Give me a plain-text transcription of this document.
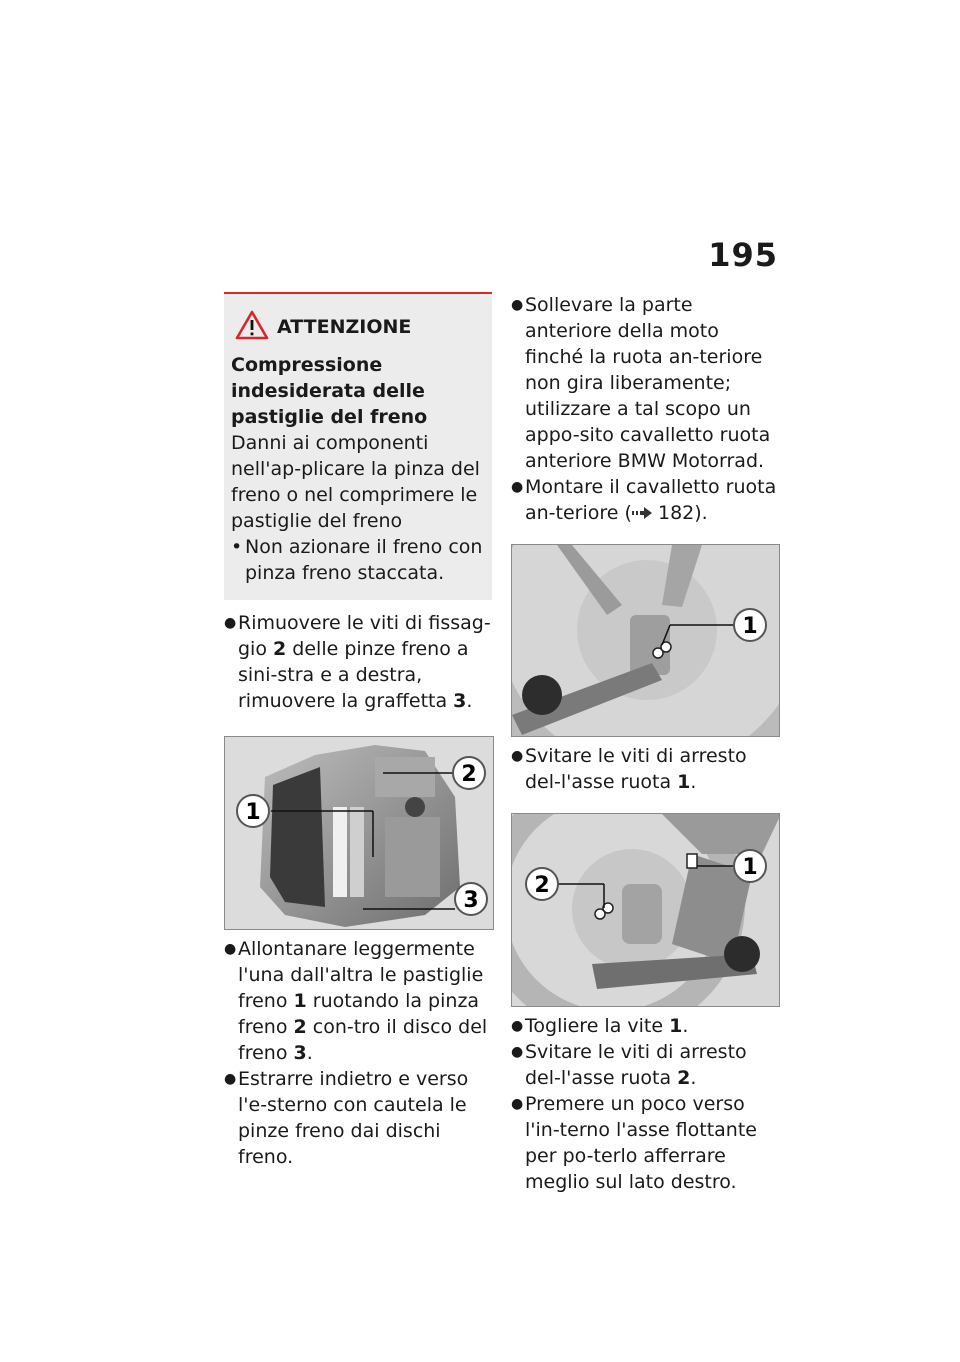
195
ATTENZIONE
Compressione indesiderata delle pastiglie del freno
Danni ai componenti nell'ap-plicare la pinza del freno o nel comprimere le pastiglie del freno
• Non azionare il freno con pinza freno staccata.
● Rimuovere le viti di fissag-gio 2 delle pinze freno a sini-stra e a destra, rimuovere la graffetta 3.
2
1
3
● Allontanare leggermente l'una dall'altra le pastiglie freno 1 ruotando la pinza freno 2 con-tro il disco del freno 3.
● Estrarre indietro e verso l'e-sterno con cautela le pinze freno dai dischi freno.
● Sollevare la parte anteriore della moto finché la ruota an-teriore non gira liberamente; utilizzare a tal scopo un appo-sito cavalletto ruota anteriore BMW Motorrad.
● Montare il cavalletto ruota an-teriore ( 182).
1
● Svitare le viti di arresto del-l'asse ruota 1.
2
1
● Togliere la vite 1.
● Svitare le viti di arresto del-l'asse ruota 2.
● Premere un poco verso l'in-terno l'asse flottante per po-terlo afferrare meglio sul lato destro.
